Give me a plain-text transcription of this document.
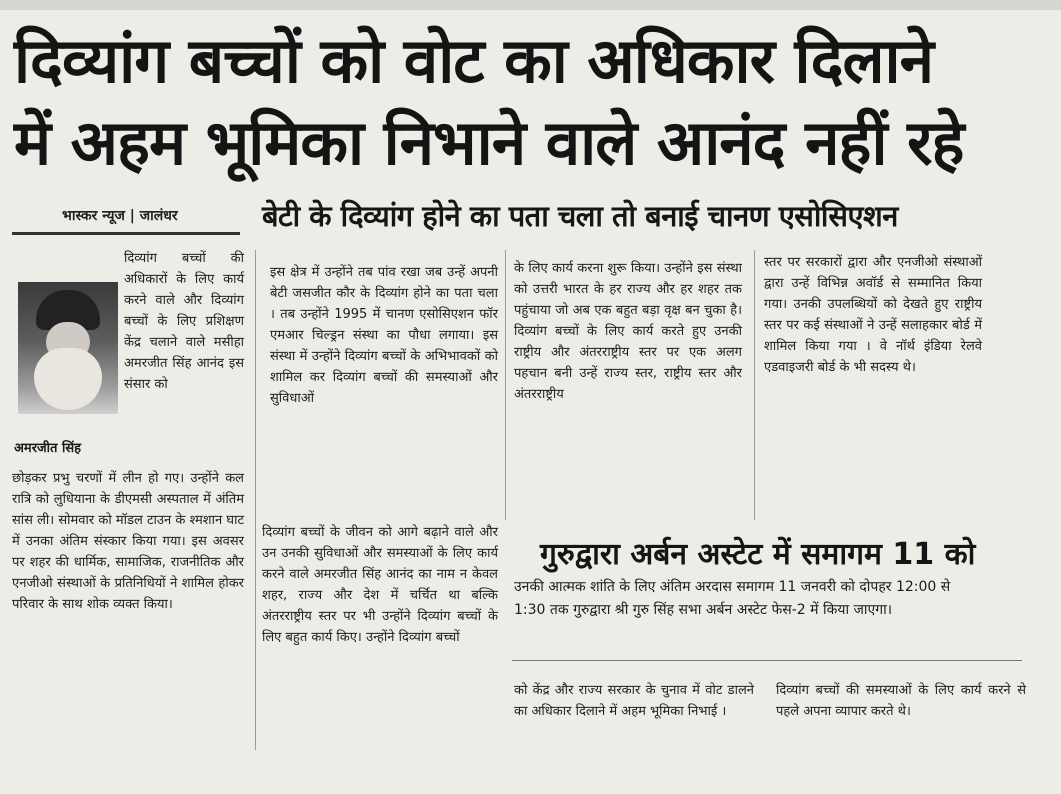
दिव्यांग बच्चों को वोट का अधिकार दिलाने
में अहम भूमिका निभाने वाले आनंद नहीं रहे
भास्कर न्यूज | जालंधर	बेटी के दिव्यांग होने का पता चला तो बनाई चानण एसोसिएशन
अमरजीत सिंह
दिव्यांग बच्चों की अधिकारों के लिए कार्य करने वाले और दिव्यांग बच्चों के लिए प्रशिक्षण केंद्र चलाने वाले मसीहा अमरजीत सिंह आनंद इस संसार को
छोड़कर प्रभु चरणों में लीन हो गए। उन्होंने कल रात्रि को लुधियाना के डीएमसी अस्पताल में अंतिम सांस ली। सोमवार को मॉडल टाउन के श्मशान घाट में उनका अंतिम संस्कार किया गया। इस अवसर पर शहर की धार्मिक, सामाजिक, राजनीतिक और एनजीओ संस्थाओं के प्रतिनिधियों ने शामिल होकर परिवार के साथ शोक व्यक्त किया।
इस क्षेत्र में उन्होंने तब पांव रखा जब उन्हें अपनी बेटी जसजीत कौर के दिव्यांग होने का पता चला । तब उन्होंने 1995 में चानण एसोसिएशन फॉर एमआर चिल्ड्रन संस्था का पौधा लगाया। इस संस्था में उन्होंने दिव्यांग बच्चों के अभिभावकों को शामिल कर दिव्यांग बच्चों की समस्याओं और सुविधाओं
दिव्यांग बच्चों के जीवन को आगे बढ़ाने वाले और उन उनकी सुविधाओं और समस्याओं के लिए कार्य करने वाले अमरजीत सिंह आनंद का नाम न केवल शहर, राज्य और देश में चर्चित था बल्कि अंतरराष्ट्रीय स्तर पर भी उन्होंने दिव्यांग बच्चों के लिए बहुत कार्य किए। उन्होंने दिव्यांग बच्चों
के लिए कार्य करना शुरू किया। उन्होंने इस संस्था को उत्तरी भारत के हर राज्य और हर शहर तक पहुंचाया जो अब एक बहुत बड़ा वृक्ष बन चुका है। दिव्यांग बच्चों के लिए कार्य करते हुए उनकी राष्ट्रीय और अंतरराष्ट्रीय स्तर पर एक अलग पहचान बनी उन्हें राज्य स्तर, राष्ट्रीय स्तर और अंतरराष्ट्रीय
स्तर पर सरकारों द्वारा और एनजीओ संस्थाओं द्वारा उन्हें विभिन्न अवॉर्ड से सम्मानित किया गया। उनकी उपलब्धियों को देखते हुए राष्ट्रीय स्तर पर कई संस्थाओं ने उन्हें सलाहकार बोर्ड में शामिल किया गया । वे नॉर्थ इंडिया रेलवे एडवाइजरी बोर्ड के भी सदस्य थे।
गुरुद्वारा अर्बन अस्टेट में समागम 11 को
उनकी आत्मक शांति के लिए अंतिम अरदास समागम 11 जनवरी को दोपहर 12:00 से 1:30 तक गुरुद्वारा श्री गुरु सिंह सभा अर्बन अस्टेट फेस-2 में किया जाएगा।
को केंद्र और राज्य सरकार के चुनाव में वोट डालने का अधिकार दिलाने में अहम भूमिका निभाई ।
दिव्यांग बच्चों की समस्याओं के लिए कार्य करने से पहले अपना व्यापार करते थे।
